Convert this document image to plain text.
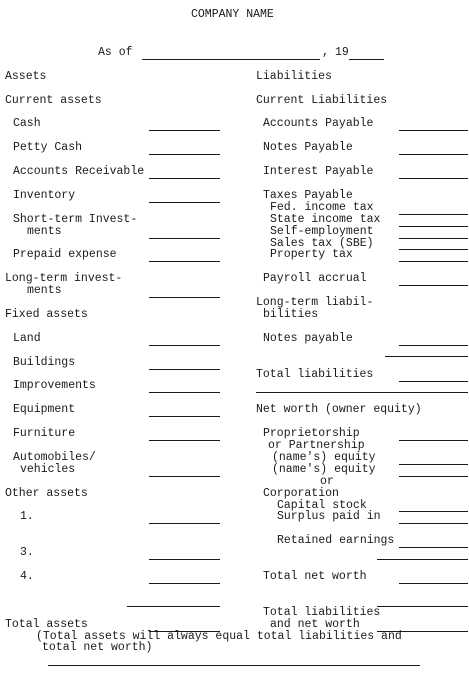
COMPANY NAME
As of	, 19
Assets
Current assets
Cash
Petty Cash
Accounts Receivable
Inventory
Short-term Invest-
ments
Prepaid expense
Long-term invest-
ments
Fixed assets
Land
Buildings
Improvements
Equipment
Furniture
Automobiles/
vehicles
Other assets
1.
3.
4.
Total assets
Liabilities
Current Liabilities
Accounts Payable
Notes Payable
Interest Payable
Taxes Payable
Fed. income tax
State income tax
Self-employment
Sales tax (SBE)
Property tax
Payroll accrual
Long-term liabil-
bilities
Notes payable
Total liabilities
Net worth (owner equity)
Proprietorship
or Partnership
(name's) equity
(name's) equity
or
Corporation
Capital stock
Surplus paid in
Retained earnings
Total net worth
Total liabilities
and net worth
(Total assets will always equal total liabilities and
total net worth)
